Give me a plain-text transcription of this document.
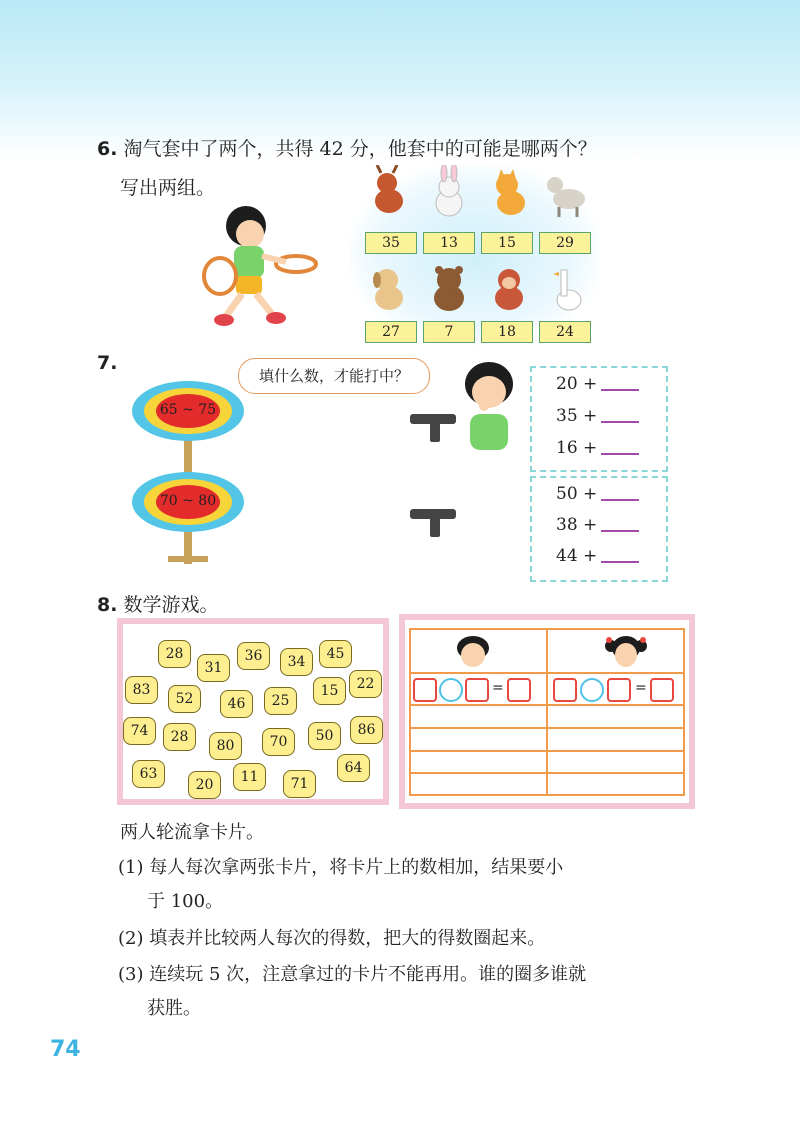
6. 淘气套中了两个，共得 42 分，他套中的可能是哪两个？
写出两组。
35	13	15	29
27	7	18	24
7.
填什么数，才能打中？
65 ~ 75
70 ~ 80
20 +
35 +
16 +
50 +
38 +
44 +
8. 数学游戏。
28
31
36	34	45
83
52	46	25
15	22
74	28
80	70	50	86
63
20	11	71
64
=	=
两人轮流拿卡片。
(1) 每人每次拿两张卡片，将卡片上的数相加，结果要小
于 100。
(2) 填表并比较两人每次的得数，把大的得数圈起来。
(3) 连续玩 5 次，注意拿过的卡片不能再用。谁的圈多谁就
获胜。
74
